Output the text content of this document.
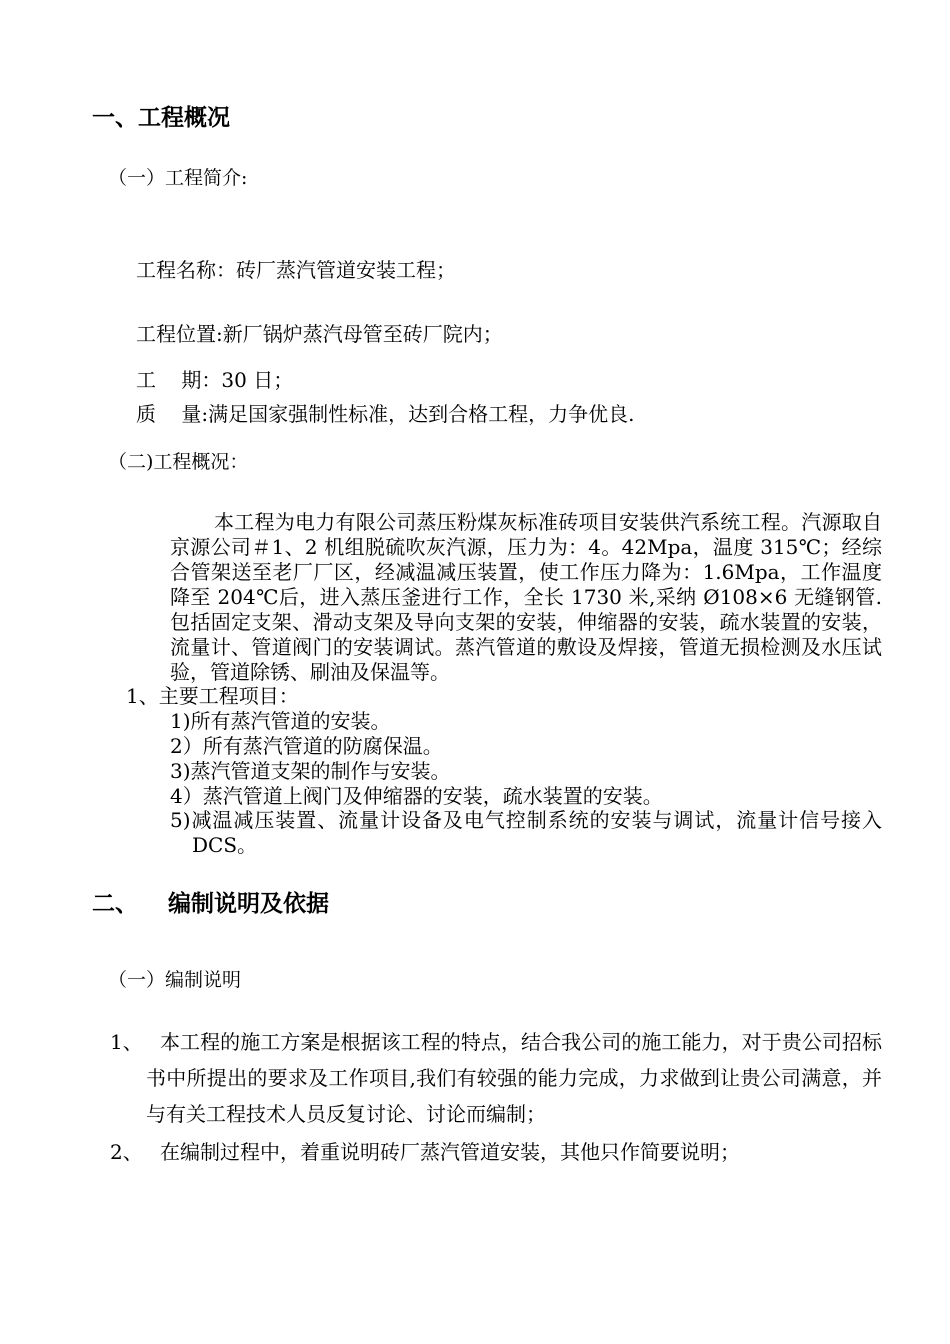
一、工程概况
（一）工程简介:
工程名称：砖厂蒸汽管道安装工程；
工程位置:新厂锅炉蒸汽母管至砖厂院内；
工    期：30 日；
质    量:满足国家强制性标准，达到合格工程，力争优良.
（二)工程概况：
本工程为电力有限公司蒸压粉煤灰标准砖项目安装供汽系统工程。汽源取自京源公司＃1、2 机组脱硫吹灰汽源，压力为：4。42Mpa，温度 315℃；经综合管架送至老厂厂区，经减温减压装置，使工作压力降为：1.6Mpa，工作温度降至 204℃后，进入蒸压釜进行工作，全长 1730 米,采纳 Ø108×6 无缝钢管.包括固定支架、滑动支架及导向支架的安装，伸缩器的安装，疏水装置的安装， 流量计、管道阀门的安装调试。蒸汽管道的敷设及焊接，管道无损检测及水压试验，管道除锈、刷油及保温等。
1、主要工程项目：
1)所有蒸汽管道的安装。
2）所有蒸汽管道的防腐保温。
3)蒸汽管道支架的制作与安装。
4）蒸汽管道上阀门及伸缩器的安装，疏水装置的安装。
5)减温减压装置、流量计设备及电气控制系统的安装与调试，流量计信号接入 DCS。
二、 编制说明及依据
（一）编制说明
1、 本工程的施工方案是根据该工程的特点，结合我公司的施工能力，对于贵公司招标书中所提出的要求及工作项目,我们有较强的能力完成，力求做到让贵公司满意，并与有关工程技术人员反复讨论、讨论而编制；
2、 在编制过程中，着重说明砖厂蒸汽管道安装，其他只作简要说明；
